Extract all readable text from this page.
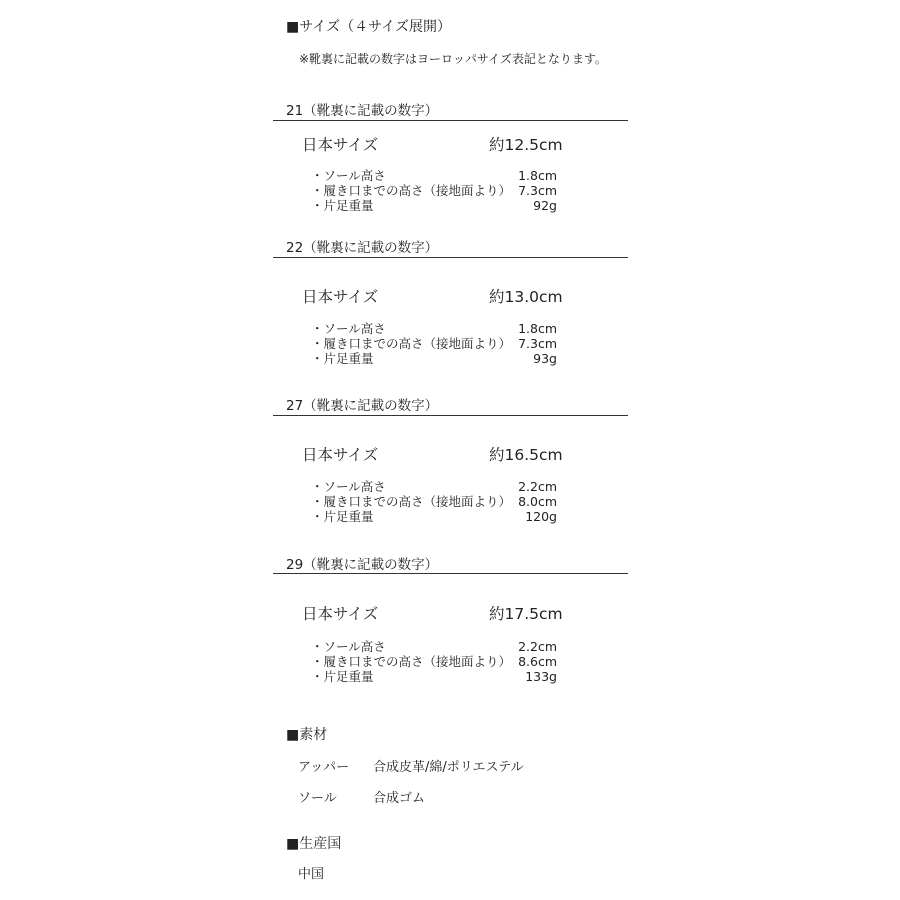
■サイズ（４サイズ展開）
※靴裏に記載の数字はヨーロッパサイズ表記となります。
21（靴裏に記載の数字）
日本サイズ	約12.5cm
・ソール高さ	1.8cm
・履き口までの高さ（接地面より） 7.3cm
・片足重量	92g
22（靴裏に記載の数字）
日本サイズ	約13.0cm
・ソール高さ	1.8cm
・履き口までの高さ（接地面より） 7.3cm
・片足重量	93g
27（靴裏に記載の数字）
日本サイズ	約16.5cm
・ソール高さ	2.2cm
・履き口までの高さ（接地面より） 8.0cm
・片足重量	120g
29（靴裏に記載の数字）
日本サイズ	約17.5cm
・ソール高さ	2.2cm
・履き口までの高さ（接地面より） 8.6cm
・片足重量	133g
■素材
アッパー 合成皮革/綿/ポリエステル
ソール	合成ゴム
■生産国
中国
